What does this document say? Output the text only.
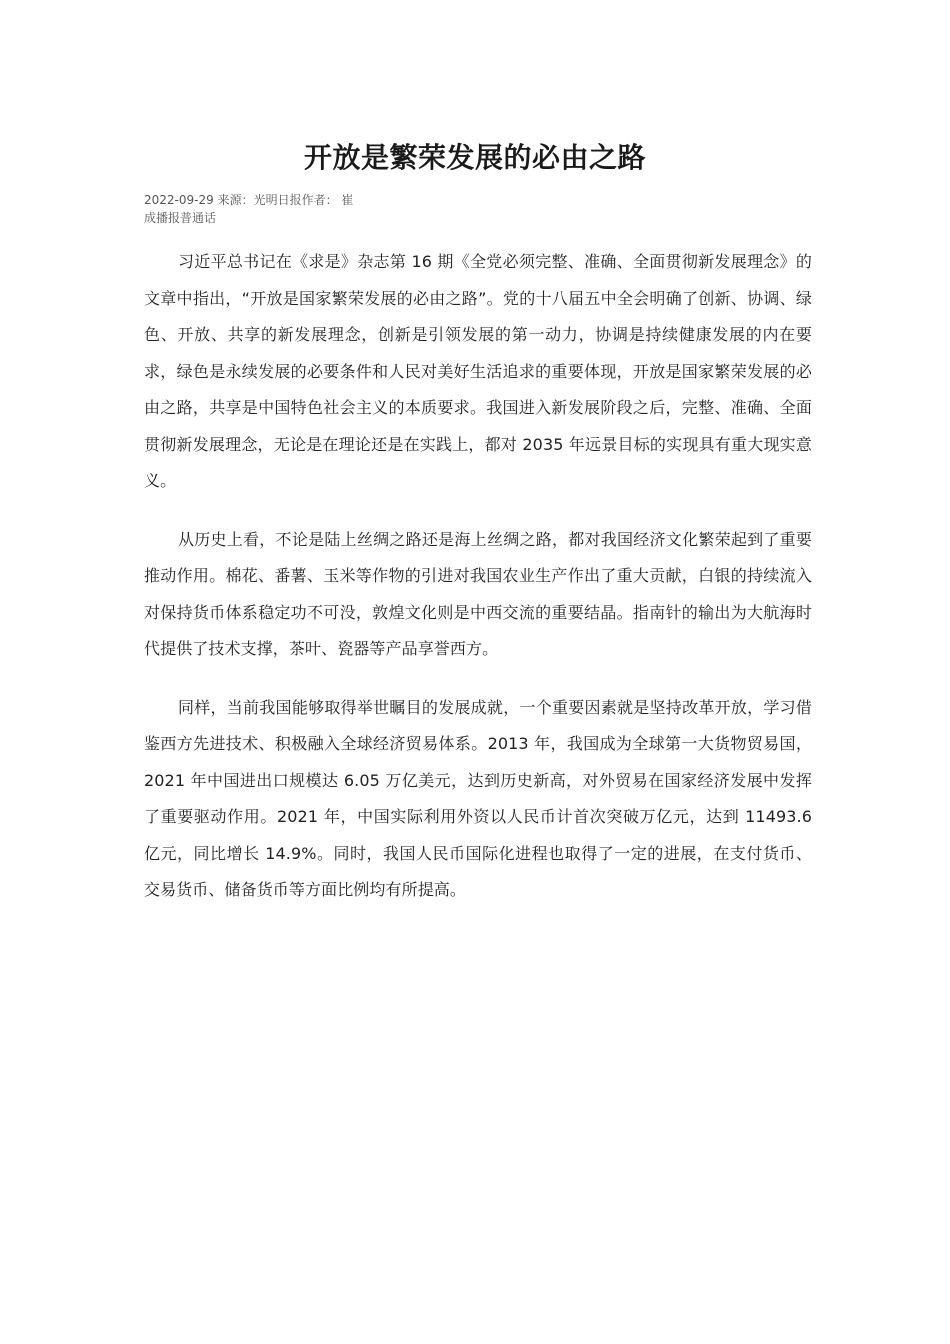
开放是繁荣发展的必由之路
2022-09-29 来源：光明日报作者： 崔成播报普通话

习近平总书记在《求是》杂志第 16 期《全党必须完整、准确、全面贯彻新发展理念》的文章中指出，“开放是国家繁荣发展的必由之路”。党的十八届五中全会明确了创新、协调、绿色、开放、共享的新发展理念，创新是引领发展的第一动力，协调是持续健康发展的内在要求，绿色是永续发展的必要条件和人民对美好生活追求的重要体现，开放是国家繁荣发展的必由之路，共享是中国特色社会主义的本质要求。我国进入新发展阶段之后，完整、准确、全面贯彻新发展理念，无论是在理论还是在实践上，都对 2035 年远景目标的实现具有重大现实意义。

从历史上看，不论是陆上丝绸之路还是海上丝绸之路，都对我国经济文化繁荣起到了重要推动作用。棉花、番薯、玉米等作物的引进对我国农业生产作出了重大贡献，白银的持续流入对保持货币体系稳定功不可没，敦煌文化则是中西交流的重要结晶。指南针的输出为大航海时代提供了技术支撑，茶叶、瓷器等产品享誉西方。

同样，当前我国能够取得举世瞩目的发展成就，一个重要因素就是坚持改革开放，学习借鉴西方先进技术、积极融入全球经济贸易体系。2013 年，我国成为全球第一大货物贸易国，2021 年中国进出口规模达 6.05 万亿美元，达到历史新高，对外贸易在国家经济发展中发挥了重要驱动作用。2021 年，中国实际利用外资以人民币计首次突破万亿元，达到 11493.6 亿元，同比增长 14.9%。同时，我国人民币国际化进程也取得了一定的进展，在支付货币、交易货币、储备货币等方面比例均有所提高。
